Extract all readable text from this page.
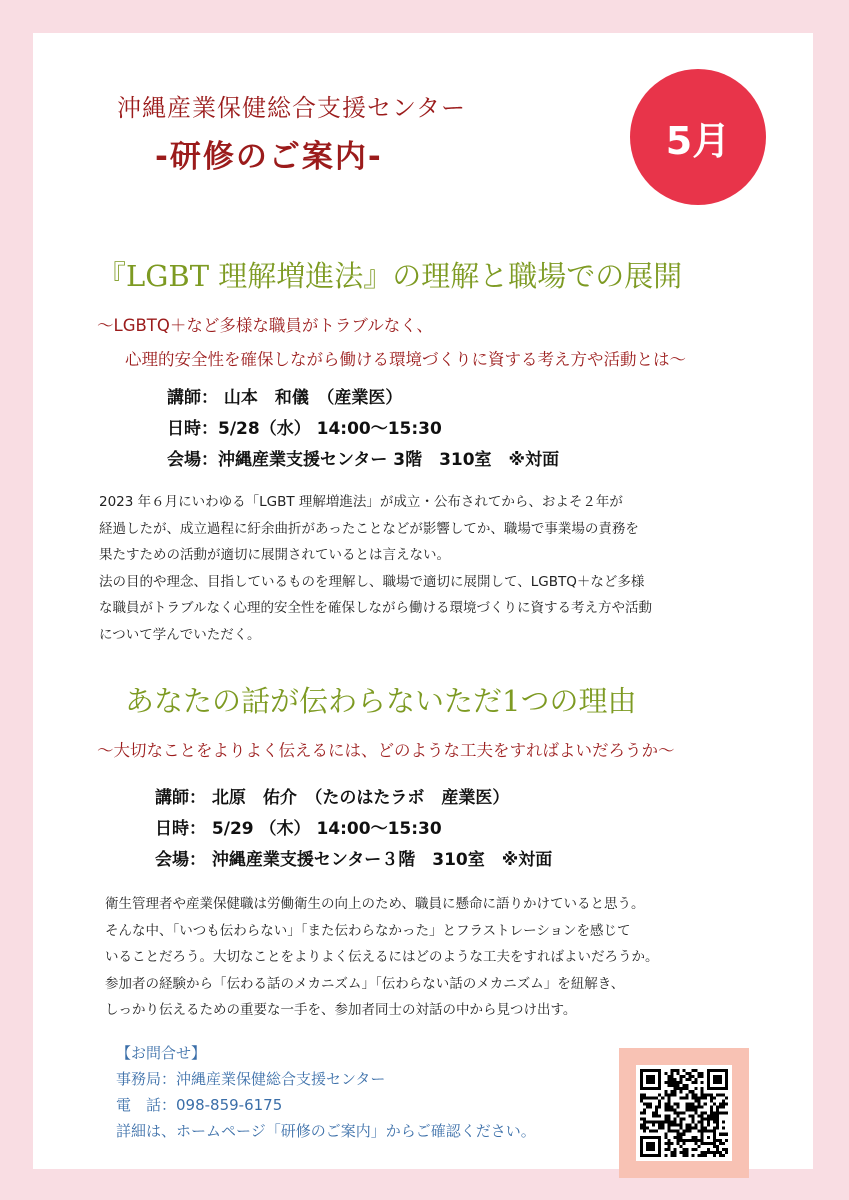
沖縄産業保健総合支援センター
-研修のご案内-	5月
『LGBT 理解増進法』の理解と職場での展開
～LGBTQ＋など多様な職員がトラブルなく、
心理的安全性を確保しながら働ける環境づくりに資する考え方や活動とは～
講師： 山本　和儀　（産業医）
日時：5/28（水） 14:00～15:30
会場：沖縄産業支援センター 3階　310室　※対面
2023 年６月にいわゆる「LGBT 理解増進法」が成立・公布されてから、およそ２年が
経過したが、成立過程に紆余曲折があったことなどが影響してか、職場で事業場の責務を
果たすための活動が適切に展開されているとは言えない。
法の目的や理念、目指しているものを理解し、職場で適切に展開して、LGBTQ＋など多様
な職員がトラブルなく心理的安全性を確保しながら働ける環境づくりに資する考え方や活動
について学んでいただく。
あなたの話が伝わらないただ1つの理由
～大切なことをよりよく伝えるには、どのような工夫をすればよいだろうか～
講師： 北原　佑介　（たのはたラボ　産業医）
日時： 5/29 （木） 14:00～15:30
会場： 沖縄産業支援センター３階　310室　※対面
衛生管理者や産業保健職は労働衛生の向上のため、職員に懸命に語りかけていると思う。
そんな中、「いつも伝わらない」「また伝わらなかった」とフラストレーションを感じて
いることだろう。大切なことをよりよく伝えるにはどのような工夫をすればよいだろうか。
参加者の経験から「伝わる話のメカニズム」「伝わらない話のメカニズム」を紐解き、
しっかり伝えるための重要な一手を、参加者同士の対話の中から見つけ出す。
【お問合せ】
事務局：沖縄産業保健総合支援センター
電　話：098-859-6175
詳細は、ホームページ「研修のご案内」からご確認ください。
